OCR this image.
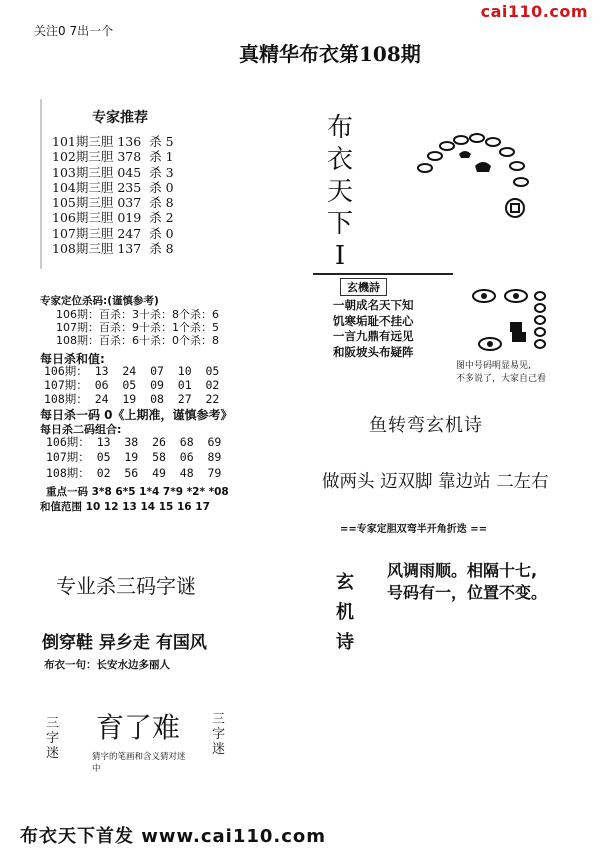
关注0 7出一个
cai110.com
真精华布衣第108期
专家推荐
101期三胆 136  杀 5
102期三胆 378  杀 1
103期三胆 045  杀 3
104期三胆 235  杀 0
105期三胆 037  杀 8
106期三胆 019  杀 2
107期三胆 247  杀 0
108期三胆 137  杀 8
专家定位杀码:(谨慎参考)
106期：百杀：3十杀：8个杀：6
107期：百杀：9十杀：1个杀：5
108期：百杀：6十杀：0个杀：8
每日杀和值:
106期： 13  24  07  10  05
107期： 06  05  09  01  02
108期： 24  19  08  27  22
每日杀一码 0《上期准，谨慎参考》
每日杀二码组合:
106期： 13  38  26  68  69
107期： 05  19  58  06  89
108期： 02  56  49  48  79
重点一码 3*8 6*5 1*4 7*9 *2* *08
和值范围 10 12 13 14 15 16 17
专业杀三码字谜
倒穿鞋 异乡走 有国风
布衣一句：长安水边多丽人
三字迷
育了难
猜字的笔画和含义猜对迷中
三字迷
布衣天下首发 www.cai110.com
布衣天下I
玄機詩
一朝成名天下知
饥寒垢耻不挂心
一言九鼎有远见
和阪坡头布疑阵
图中号码明显易见,
不多说了，大家自己看
鱼转弯玄机诗
做两头 迈双脚 靠边站 二左右
==专家定胆双弯半开角折迭 ==
玄机诗
风调雨顺。相隔十七,
号码有一，位置不变。
